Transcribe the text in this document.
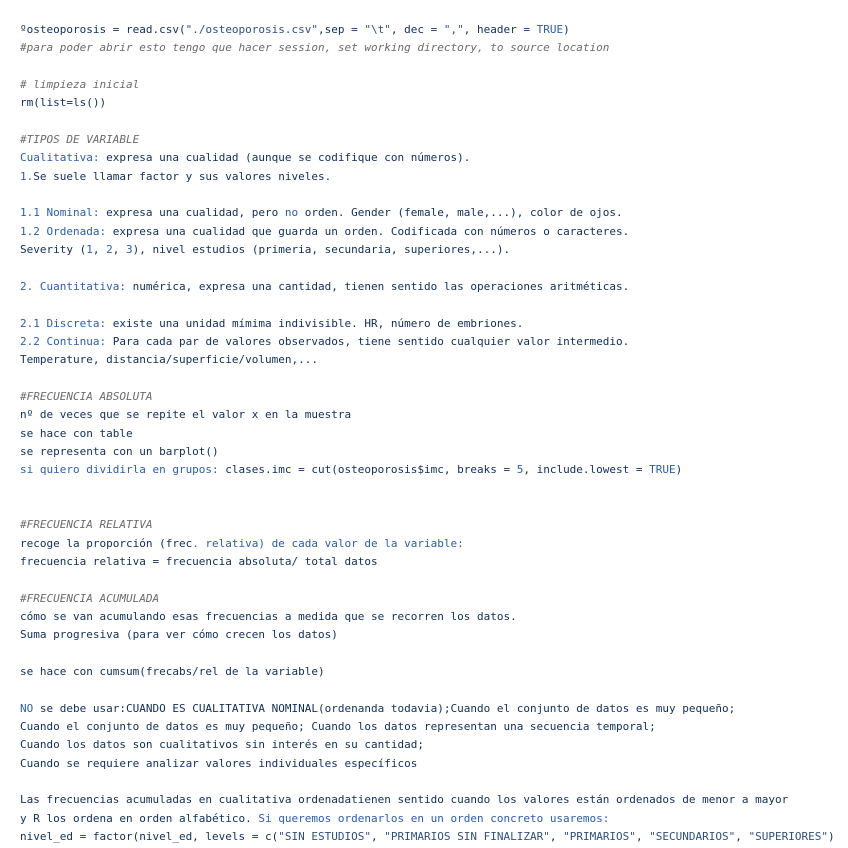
ºosteoporosis = read.csv("./osteoporosis.csv",sep = "\t", dec = ",", header = TRUE)
#para poder abrir esto tengo que hacer session, set working directory, to source location
# limpieza inicial
rm(list=ls())
#TIPOS DE VARIABLE
Cualitativa: expresa una cualidad (aunque se codifique con números).
1.Se suele llamar factor y sus valores niveles.
1.1 Nominal: expresa una cualidad, pero no orden. Gender (female, male,...), color de ojos.
1.2 Ordenada: expresa una cualidad que guarda un orden. Codificada con números o caracteres.
Severity (1, 2, 3), nivel estudios (primeria, secundaria, superiores,...).
2. Cuantitativa: numérica, expresa una cantidad, tienen sentido las operaciones aritméticas.
2.1 Discreta: existe una unidad mímima indivisible. HR, número de embriones.
2.2 Continua: Para cada par de valores observados, tiene sentido cualquier valor intermedio.
Temperature, distancia/superficie/volumen,...
#FRECUENCIA ABSOLUTA
nº de veces que se repite el valor x en la muestra
se hace con table
se representa con un barplot()
si quiero dividirla en grupos: clases.imc = cut(osteoporosis$imc, breaks = 5, include.lowest = TRUE)
#FRECUENCIA RELATIVA
recoge la proporción (frec. relativa) de cada valor de la variable:
frecuencia relativa = frecuencia absoluta/ total datos
#FRECUENCIA ACUMULADA
cómo se van acumulando esas frecuencias a medida que se recorren los datos.
Suma progresiva (para ver cómo crecen los datos)
se hace con cumsum(frecabs/rel de la variable)
NO se debe usar:CUANDO ES CUALITATIVA NOMINAL(ordenanda todavia);Cuando el conjunto de datos es muy pequeño;
Cuando el conjunto de datos es muy pequeño; Cuando los datos representan una secuencia temporal;
Cuando los datos son cualitativos sin interés en su cantidad;
Cuando se requiere analizar valores individuales específicos
Las frecuencias acumuladas en cualitativa ordenadatienen sentido cuando los valores están ordenados de menor a mayor
y R los ordena en orden alfabético. Si queremos ordenarlos en un orden concreto usaremos:
nivel_ed = factor(nivel_ed, levels = c("SIN ESTUDIOS", "PRIMARIOS SIN FINALIZAR", "PRIMARIOS", "SECUNDARIOS", "SUPERIORES")
